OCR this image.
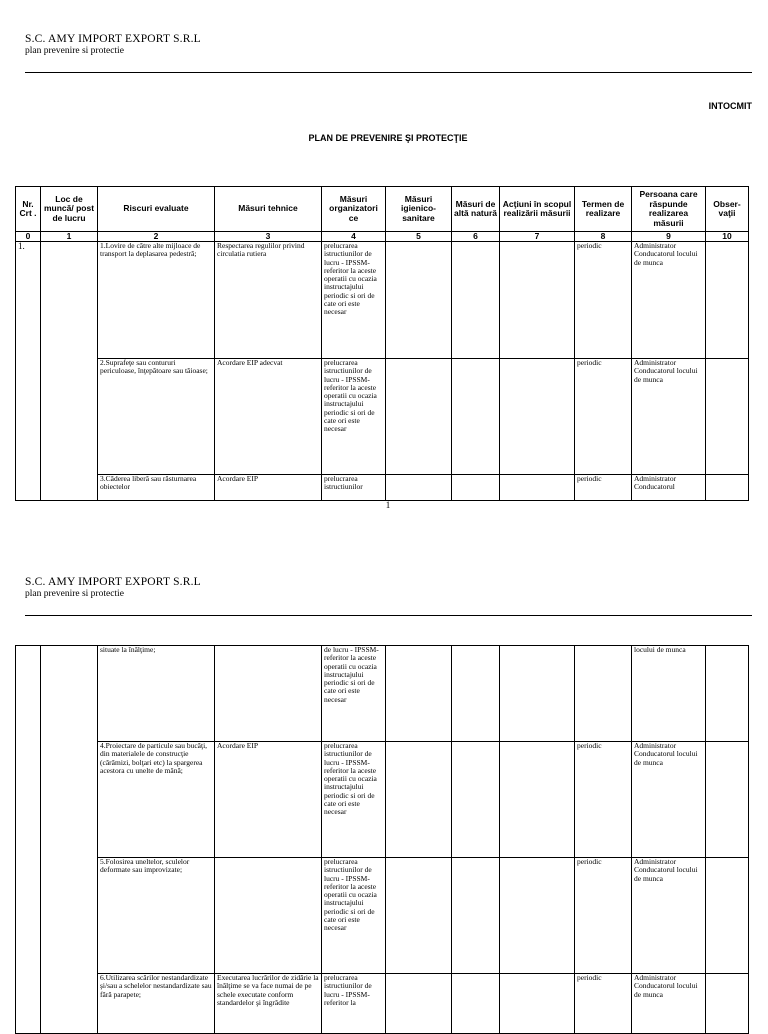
S.C. AMY IMPORT EXPORT S.R.L
plan prevenire si protectie
INTOCMIT
PLAN DE PREVENIRE ŞI PROTECŢIE
Nr. Crt .	Loc de muncă/ post de lucru	Riscuri evaluate	Măsuri tehnice	Măsuri organizatori ce	Măsuri igienico-sanitare	Măsuri de altă natură	Acţiuni în scopul realizării măsurii	Termen de realizare	Persoana care răspunde realizarea măsurii	Obser-vaţii
0	1	2	3	4	5	6	7	8	9	10
1.		1.Lovire de către alte mijloace de transport la deplasarea pedestră;	Respectarea regulilor privind circulatia rutiera	prelucrarea istructiunilor de lucru - IPSSM- referitor la aceste operatii cu ocazia instructajului periodic si ori de cate ori este necesar				periodic	Administrator Conducatorul locului de munca	
		2.Suprafeţe sau contururi periculoase, înţepătoare sau tăioase;	Acordare EIP adecvat	prelucrarea istructiunilor de lucru - IPSSM- referitor la aceste operatii cu ocazia instructajului periodic si ori de cate ori este necesar				periodic	Administrator Conducatorul locului de munca	
		3.Căderea liberă sau răsturnarea obiectelor	Acordare EIP	prelucrarea istructiunilor				periodic	Administrator Conducatorul	
1
S.C. AMY IMPORT EXPORT S.R.L
plan prevenire si protectie
		situate la înălţime;		de lucru - IPSSM- referitor la aceste operatii cu ocazia instructajului periodic si ori de cate ori este necesar					locului de munca	
		4.Proiectare de particule sau bucăţi, din materialele de construcţie (cărămizi, bolţari etc) la spargerea acestora cu unelte de mână;	Acordare EIP	prelucrarea istructiunilor de lucru - IPSSM- referitor la aceste operatii cu ocazia instructajului periodic si ori de cate ori este necesar				periodic	Administrator Conducatorul locului de munca	
		5.Folosirea uneltelor, sculelor deformate sau improvizate;		prelucrarea istructiunilor de lucru - IPSSM- referitor la aceste operatii cu ocazia instructajului periodic si ori de cate ori este necesar				periodic	Administrator Conducatorul locului de munca	
		6.Utilizarea scărilor nestandardizate şi/sau a schelelor nestandardizate sau fără parapete;	Executarea lucrărilor de zidărie la înălţime se va face numai de pe schele executate conform standardelor şi îngrădite	prelucrarea istructiunilor de lucru - IPSSM- referitor la				periodic	Administrator Conducatorul locului de munca	
